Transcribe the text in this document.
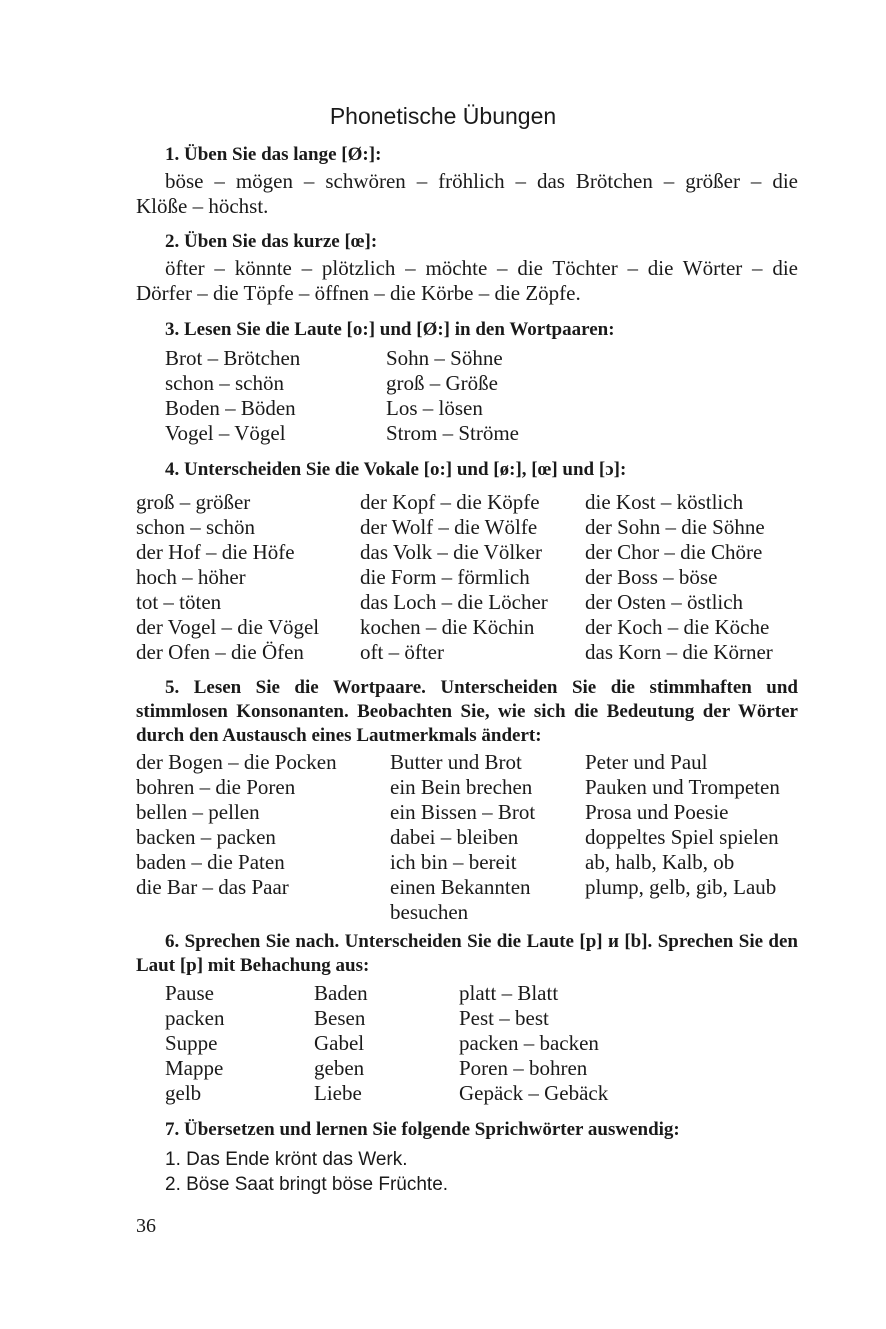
Phonetische Übungen
1. Üben Sie das lange [Ø:]:
böse – mögen – schwören – fröhlich – das Brötchen – größer – die
Klöße – höchst.
2. Üben Sie das kurze [œ]:
öfter – könnte – plötzlich – möchte – die Töchter – die Wörter – die
Dörfer – die Töpfe – öffnen – die Körbe – die Zöpfe.
3. Lesen Sie die Laute [o:] und [Ø:] in den Wortpaaren:
Brot – Brötchen
schon – schön
Boden – Böden
Vogel – Vögel
Sohn – Söhne
groß – Größe
Los – lösen
Strom – Ströme
4. Unterscheiden Sie die Vokale [o:] und [ø:], [œ] und [ɔ]:
groß – größer
schon – schön
der Hof – die Höfe
hoch – höher
tot – töten
der Vogel – die Vögel
der Ofen – die Öfen
der Kopf – die Köpfe
der Wolf – die Wölfe
das Volk – die Völker
die Form – förmlich
das Loch – die Löcher
kochen – die Köchin
oft – öfter
die Kost – köstlich
der Sohn – die Söhne
der Chor – die Chöre
der Boss – böse
der Osten – östlich
der Koch – die Köche
das Korn – die Körner
5. Lesen Sie die Wortpaare. Unterscheiden Sie die stimmhaften und stimmlosen Konsonanten. Beobachten Sie, wie sich die Bedeutung der Wörter durch den Austausch eines Lautmerkmals ändert:
der Bogen – die Pocken
bohren – die Poren
bellen – pellen
backen – packen
baden – die Paten
die Bar – das Paar
Butter und Brot
ein Bein brechen
ein Bissen – Brot
dabei – bleiben
ich bin – bereit
einen Bekannten
besuchen
Peter und Paul
Pauken und Trompeten
Prosa und Poesie
doppeltes Spiel spielen
ab, halb, Kalb, ob
plump, gelb, gib, Laub
6. Sprechen Sie nach. Unterscheiden Sie die Laute [p] и [b]. Sprechen Sie den Laut [p] mit Behachung aus:
Pause
packen
Suppe
Mappe
gelb
Baden
Besen
Gabel
geben
Liebe
platt – Blatt
Pest – best
packen – backen
Poren – bohren
Gepäck – Gebäck
7. Übersetzen und lernen Sie folgende Sprichwörter auswendig:
1. Das Ende krönt das Werk.
2. Böse Saat bringt böse Früchte.
36
